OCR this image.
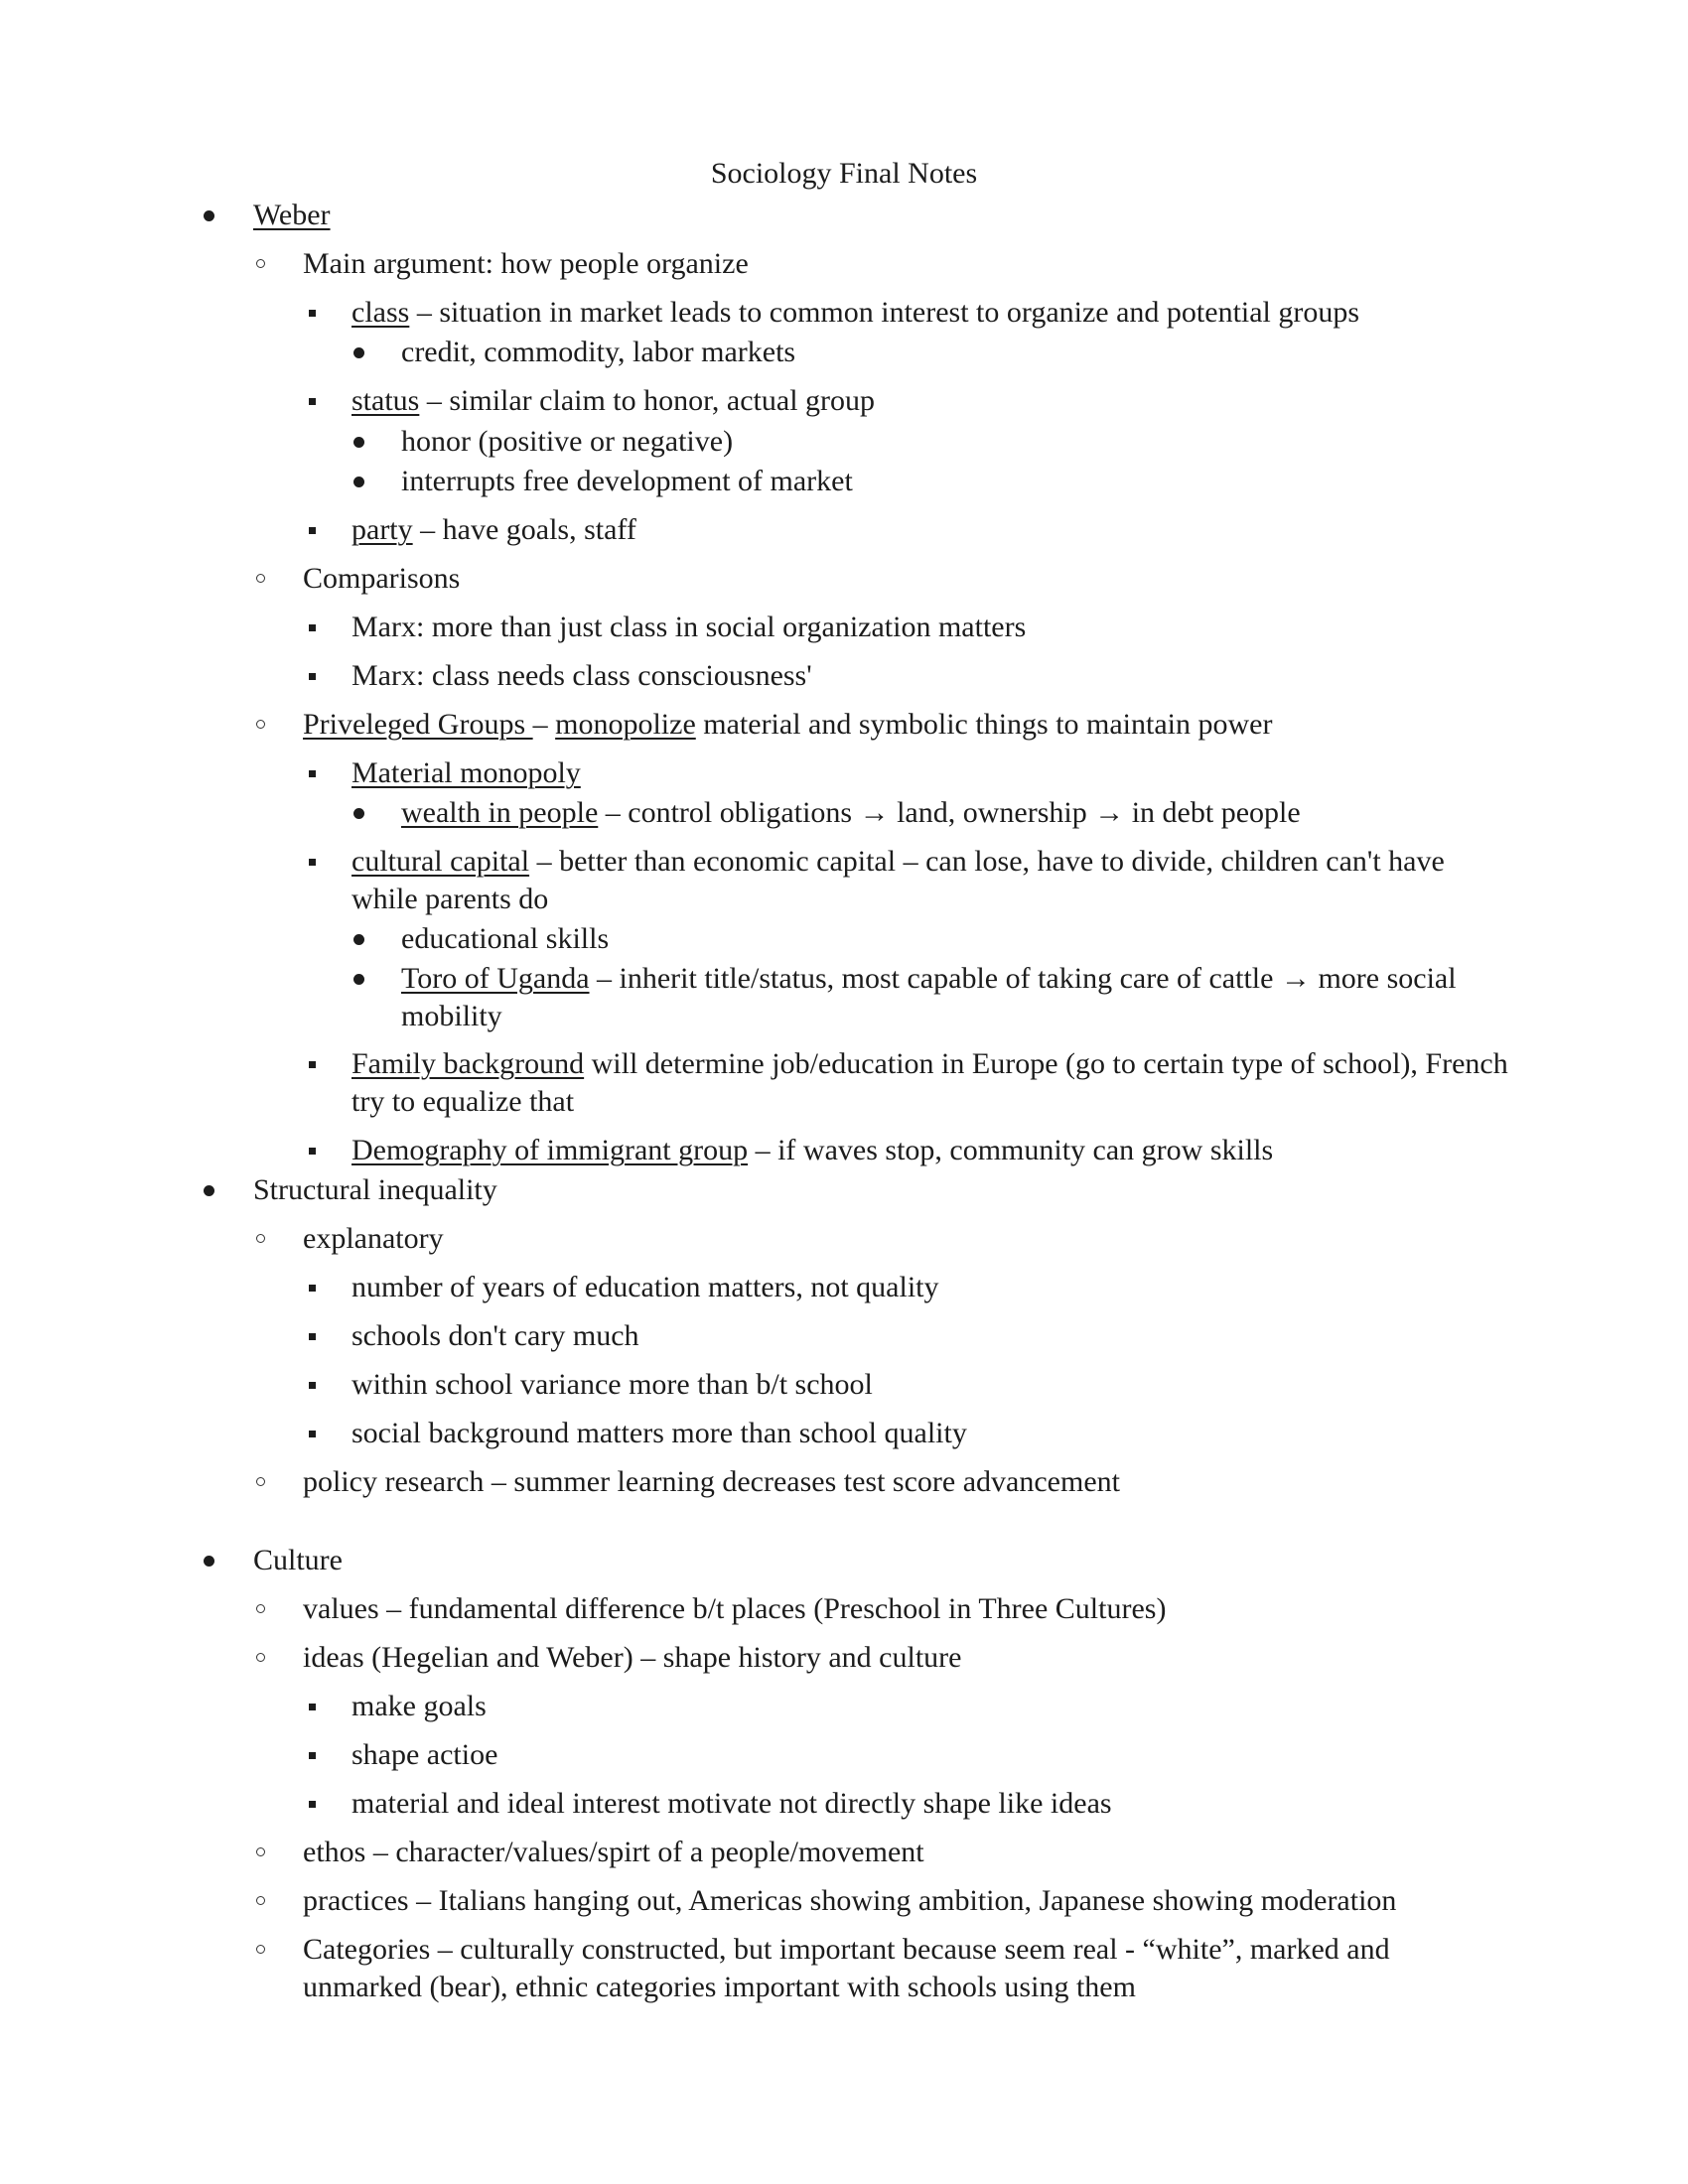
Sociology Final Notes
Weber
Main argument: how people organize
class – situation in market leads to common interest to organize and potential groups
credit, commodity, labor markets
status – similar claim to honor, actual group
honor (positive or negative)
interrupts free development of market
party – have goals, staff
Comparisons
Marx: more than just class in social organization matters
Marx: class needs class consciousness'
Priveleged Groups – monopolize material and symbolic things to maintain power
Material monopoly
wealth in people – control obligations → land, ownership → in debt people
cultural capital – better than economic capital – can lose, have to divide, children can't have while parents do
educational skills
Toro of Uganda – inherit title/status, most capable of taking care of cattle → more social mobility
Family background will determine job/education in Europe (go to certain type of school), French try to equalize that
Demography of immigrant group – if waves stop, community can grow skills
Structural inequality
explanatory
number of years of education matters, not quality
schools don't cary much
within school variance more than b/t school
social background matters more than school quality
policy research – summer learning decreases test score advancement
Culture
values – fundamental difference b/t places (Preschool in Three Cultures)
ideas (Hegelian and Weber) – shape history and culture
make goals
shape actioe
material and ideal interest motivate not directly shape like ideas
ethos – character/values/spirt of a people/movement
practices – Italians hanging out, Americas showing ambition, Japanese showing moderation
Categories – culturally constructed, but important because seem real - “white”, marked and unmarked (bear), ethnic categories important with schools using them
